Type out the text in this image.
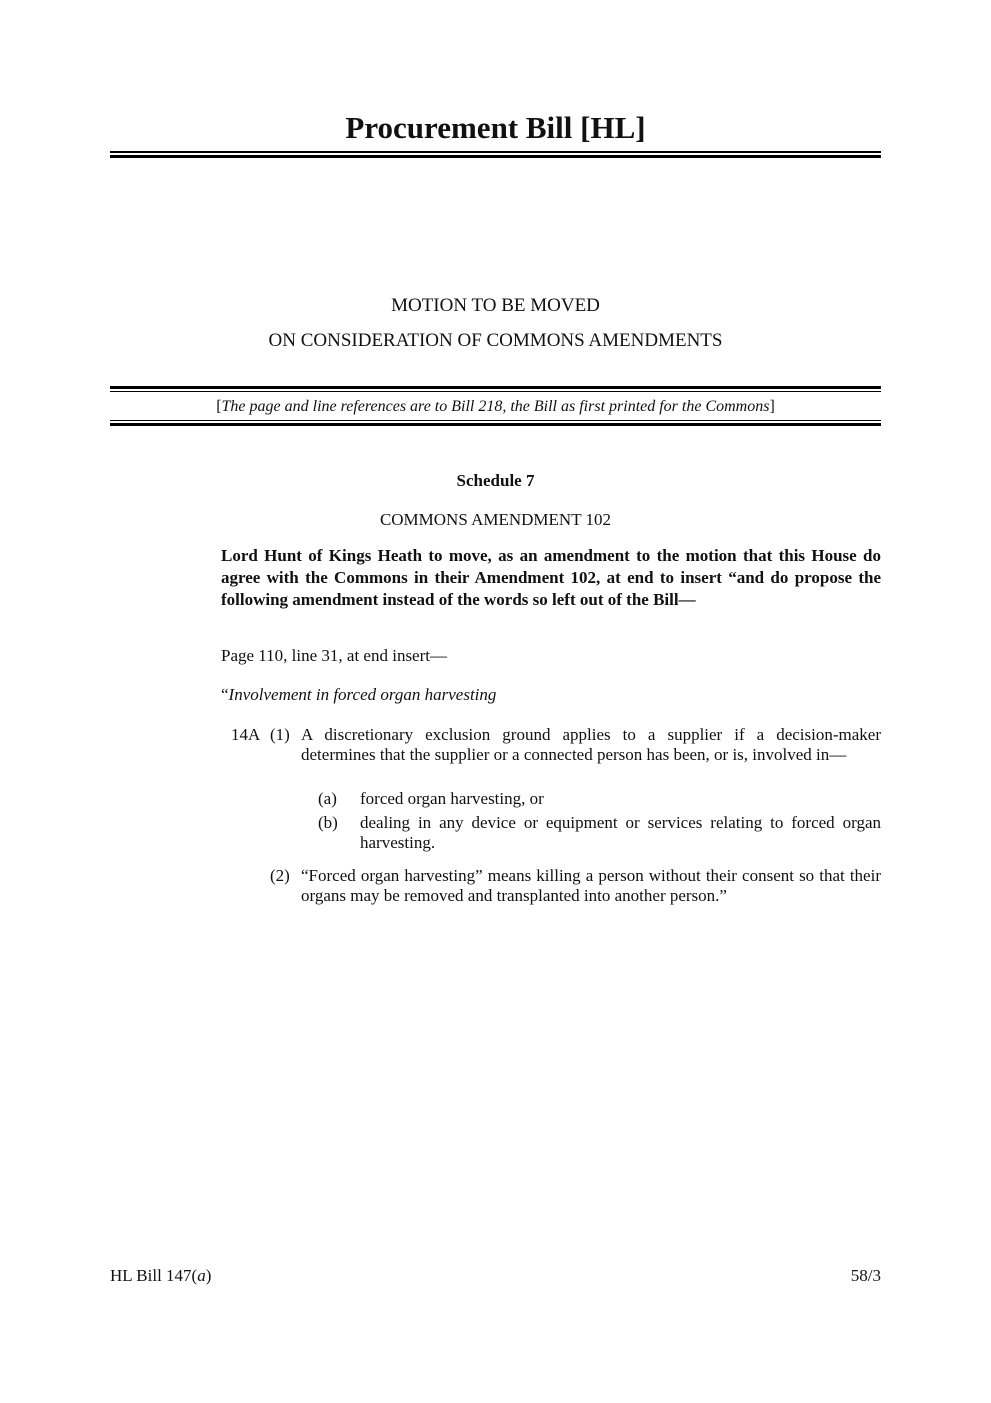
Procurement Bill [HL]
MOTION TO BE MOVED
ON CONSIDERATION OF COMMONS AMENDMENTS
[The page and line references are to Bill 218, the Bill as first printed for the Commons]
Schedule 7
COMMONS AMENDMENT 102
Lord Hunt of Kings Heath to move, as an amendment to the motion that this House do agree with the Commons in their Amendment 102, at end to insert “and do propose the following amendment instead of the words so left out of the Bill—
Page 110, line 31, at end insert—
“Involvement in forced organ harvesting
14A (1) A discretionary exclusion ground applies to a supplier if a decision-maker determines that the supplier or a connected person has been, or is, involved in—
(a) forced organ harvesting, or
(b) dealing in any device or equipment or services relating to forced organ harvesting.
(2) “Forced organ harvesting” means killing a person without their consent so that their organs may be removed and transplanted into another person.”
HL Bill 147(a)	58/3
